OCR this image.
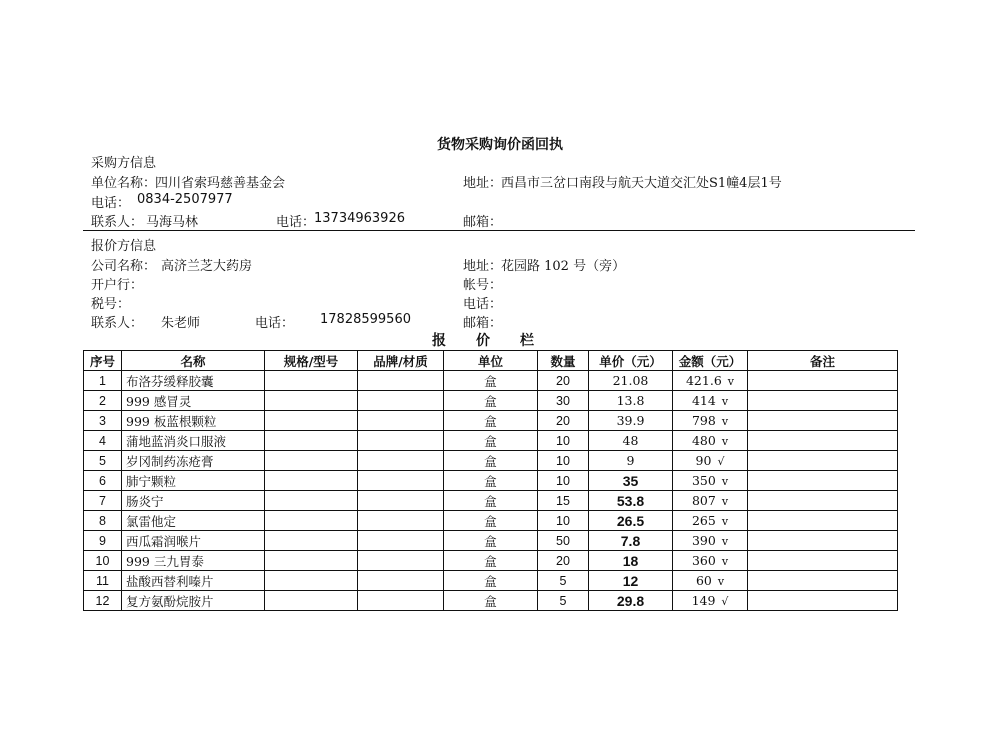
货物采购询价函回执
采购方信息
单位名称：
四川省索玛慈善基金会	地址：
西昌市三岔口南段与航天大道交汇处S1幢4层1号
电话： 0834-2507977
联系人： 马海马林	电话：
13734963926	邮箱：
报价方信息
公司名称： 高济兰芝大药房	地址：
花园路 102 号（旁）
开户行：	帐号：
税号：	电话：
联系人： 朱老师	电话： 17828599560	邮箱：
报价栏
序号	名称	规格/型号	品牌/材质	单位	数量	单价（元）	金额（元）	备注
1	布洛芬缓释胶囊			盒	20	21.08	421.6 v	
2	999 感冒灵			盒	30	13.8	414 v	
3	999 板蓝根颗粒			盒	20	39.9	798 v	
4	蒲地蓝消炎口服液			盒	10	48	480 v	
5	岁冈制药冻疮膏			盒	10	9	90 √	
6	肺宁颗粒			盒	10	35	350 v	
7	肠炎宁			盒	15	53.8	807 v	
8	氯雷他定			盒	10	26.5	265 v	
9	西瓜霜润喉片			盒	50	7.8	390 v	
10	999 三九胃泰			盒	20	18	360 v	
11	盐酸西替利嗪片			盒	5	12	60 v	
12	复方氨酚烷胺片			盒	5	29.8	149 √	
